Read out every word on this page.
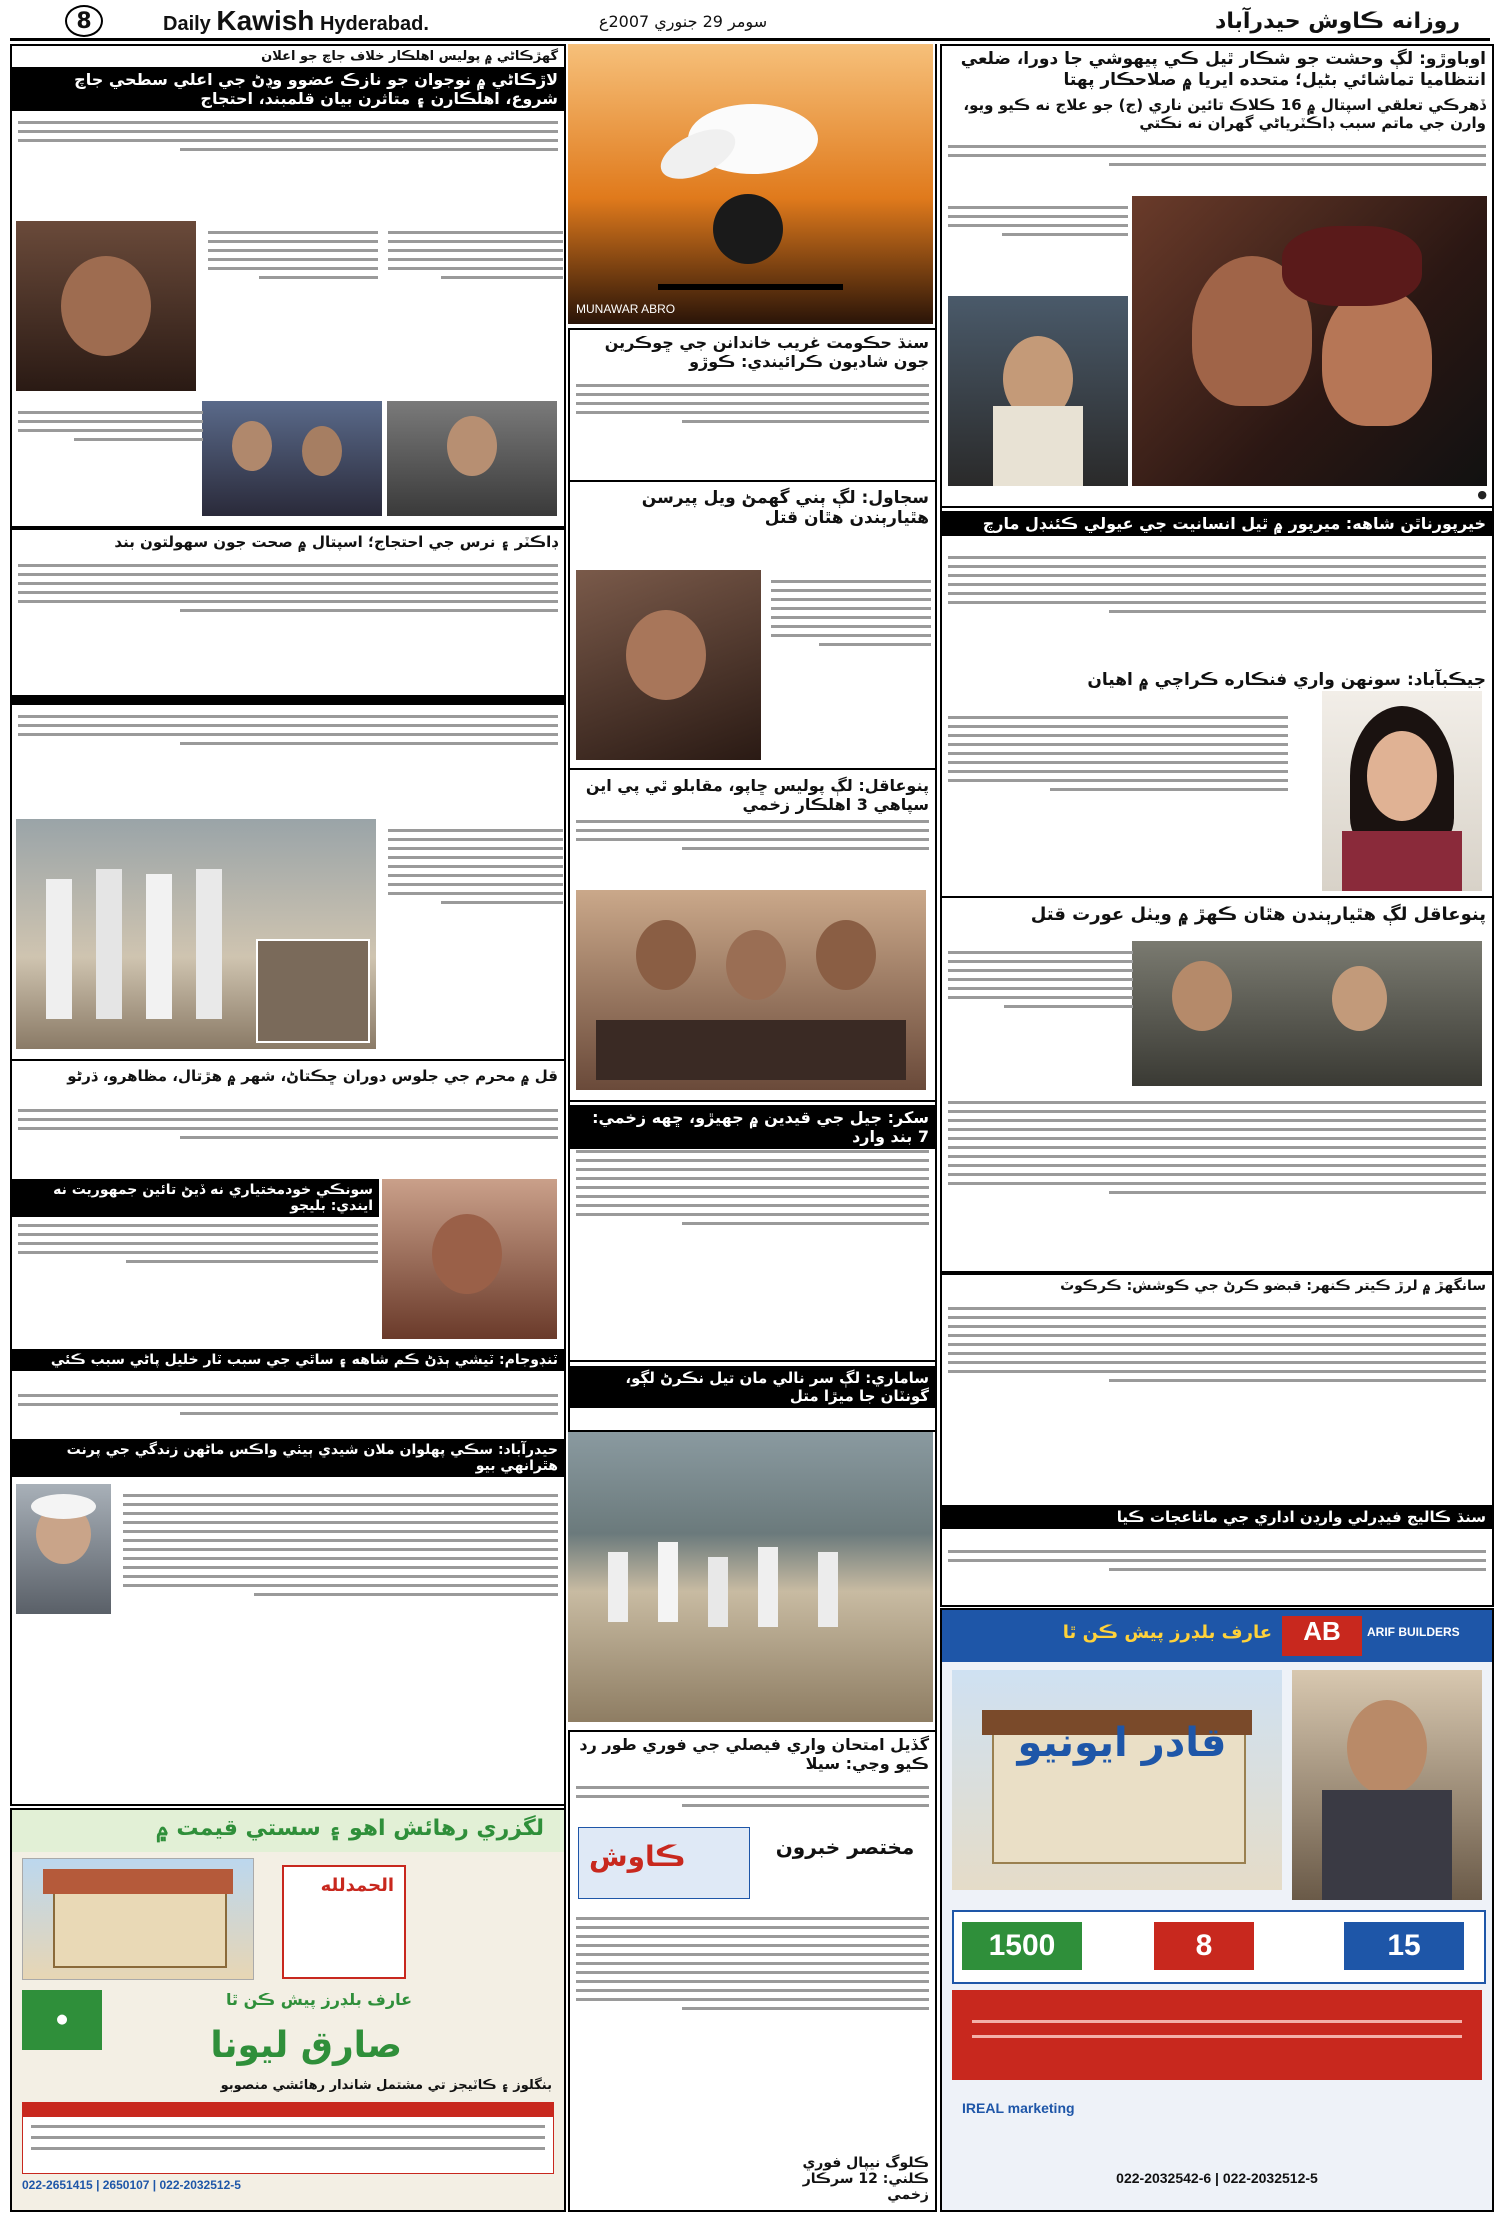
8	Daily Kawish Hyderabad.	سومر 29 جنوري 2007ع	روزانه ڪاوش حيدرآباد
اوباوڙو: لڳ وحشت جو شڪار ٿيل ڪي پيهوشي جا دورا، ضلعي انتظاميا تماشائي بڻيل؛ متحده ايريا ۾ صلاحڪار پهتا
ڏهرڪي تعلقي اسپتال ۾ 16 ڪلاڪ تائين ناري (ج) جو علاج نه ڪيو ويو، وارن جي ماتم سبب ڊاڪٽرياڻي گهران نه نڪتي
●
خيرپورناٿن شاهه: ميرپور ۾ ٿيل انسانيت جي عيولي ڪئنڊل مارچ
جيڪبآباد: سونهن واري فنڪاره ڪراچي ۾ اهيان
پنوعاقل لڳ هٿيارٻندن هٿان ڪهڙ ۾ ويٺل عورت قتل
MUNAWAR ABRO
سنڌ حڪومت غريب خاندانن جي ڇوڪرين جون شاديون ڪرائيندي: ڪوڙو
سجاول: لڳ ٻني گهمڻ ويل پيرسن هٿيارٻندن هٿان قتل
پنوعاقل: لڳ پوليس ڇاپو، مقابلو ٿي پي اين سپاهي 3 اهلڪار زخمي
سکر: جيل جي قيدين ۾ جهيڙو، ڇهه زخمي: 7 بند وارد
ساماري: لڳ سر نالي مان تيل نڪرڻ لڳو، گونٽان جا ميڙا متل
گڏيل امتحان واري فيصلي جي فوري طور رد ڪيو وڃي: سيلا
ڪاوش	مختصر خبرون
ڪلوگ نيپال فوري ڪلني: 12 سرڪار زخمي
گهڙڪاڻي ۾ پوليس اهلڪار خلاف جاچ جو اعلان
لاڙڪاڻي ۾ نوجوان جو نازڪ عضوو وڍڻ جي اعلي سطحي جاچ شروع، اهلڪارن ۽ متاثرن بيان قلمبند، احتجاج
ڊاڪٽر ۽ نرس جي احتجاج؛ اسپتال ۾ صحت جون سهولتون بند
قل ۾ محرم جي جلوس دوران ڇڪتاڻ، شهر ۾ هڙتال، مظاهرو، ڌرڻو
سونڪي خودمختياري نه ڏيڻ تائين جمهوريت نه ايندي: بليجو
ٽنڊوجام: ٽيشي ٻڌڻ ڪم شاهه ۽ ساٿي جي سبب ٽار خليل پاڻي سبب ڪئي
حيدرآباد: سڪي پهلوان ملان شيدي ٻيٺي واڪس ماڻهن زندگي جي پرنت هٿرانهي بيو
سانگهڙ ۾ لرڙ ڪيتر ڪنهر: قبضو ڪرڻ جي ڪوشش: ڪرڪوٽ
سنڌ ڪاليج فيڊرلي وارڊن اداري جي ماتاعجات ڪيا
لگزري رهائش اهو ۽ سستي قيمت ۾
الحمدلله
●
عارف بلڊرز پيش ڪن ٿا
صارق ليونا
بنگلوز ۽ ڪاٽيجز تي مشتمل شاندار رهائشي منصوبو
022-2651415 | 2650107 | 022-2032512-5
AB	ARIF BUILDERS
عارف بلڊرز پيش ڪن ٿا
قادر ايونيو
1500	8	15
IREAL marketing
022-2032542-6 | 022-2032512-5
